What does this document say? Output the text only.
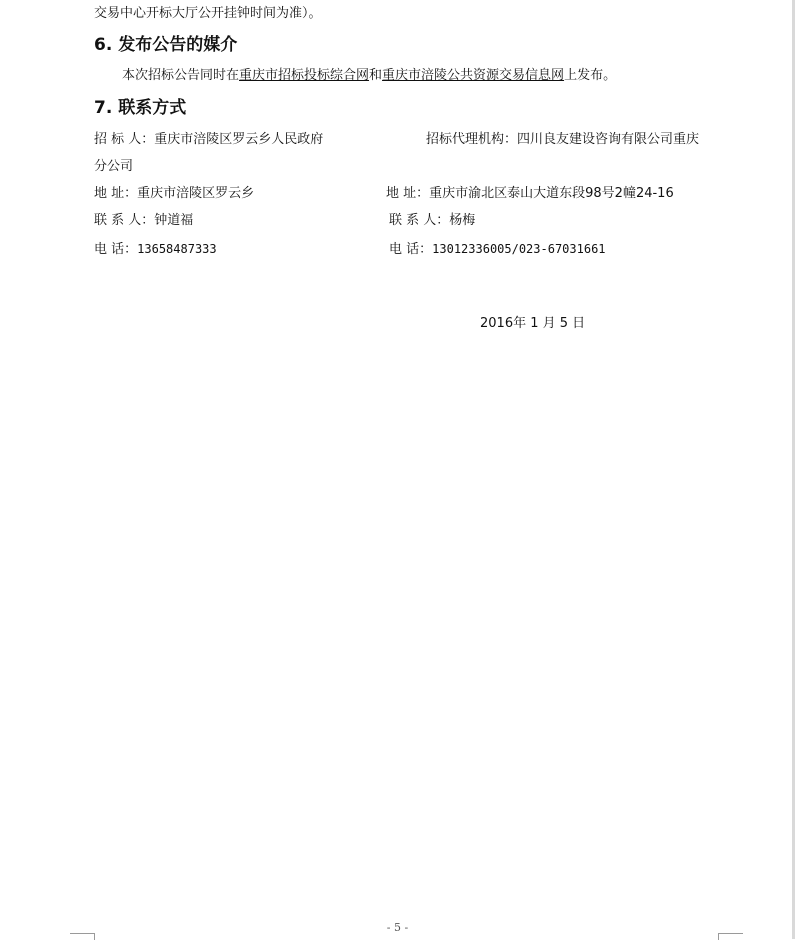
交易中心开标大厅公开挂钟时间为准）。
6. 发布公告的媒介
本次招标公告同时在重庆市招标投标综合网和重庆市涪陵公共资源交易信息网上发布。
7. 联系方式
招 标 人：重庆市涪陵区罗云乡人民政府	招标代理机构：四川良友建设咨询有限公司重庆
分公司
地 址：重庆市涪陵区罗云乡	地 址：重庆市渝北区泰山大道东段98号2幢24-16
联 系 人：钟道福	联 系 人：杨梅
电 话：13658487333	电 话：13012336005/023-67031661
2016年 1 月 5 日
- 5 -
